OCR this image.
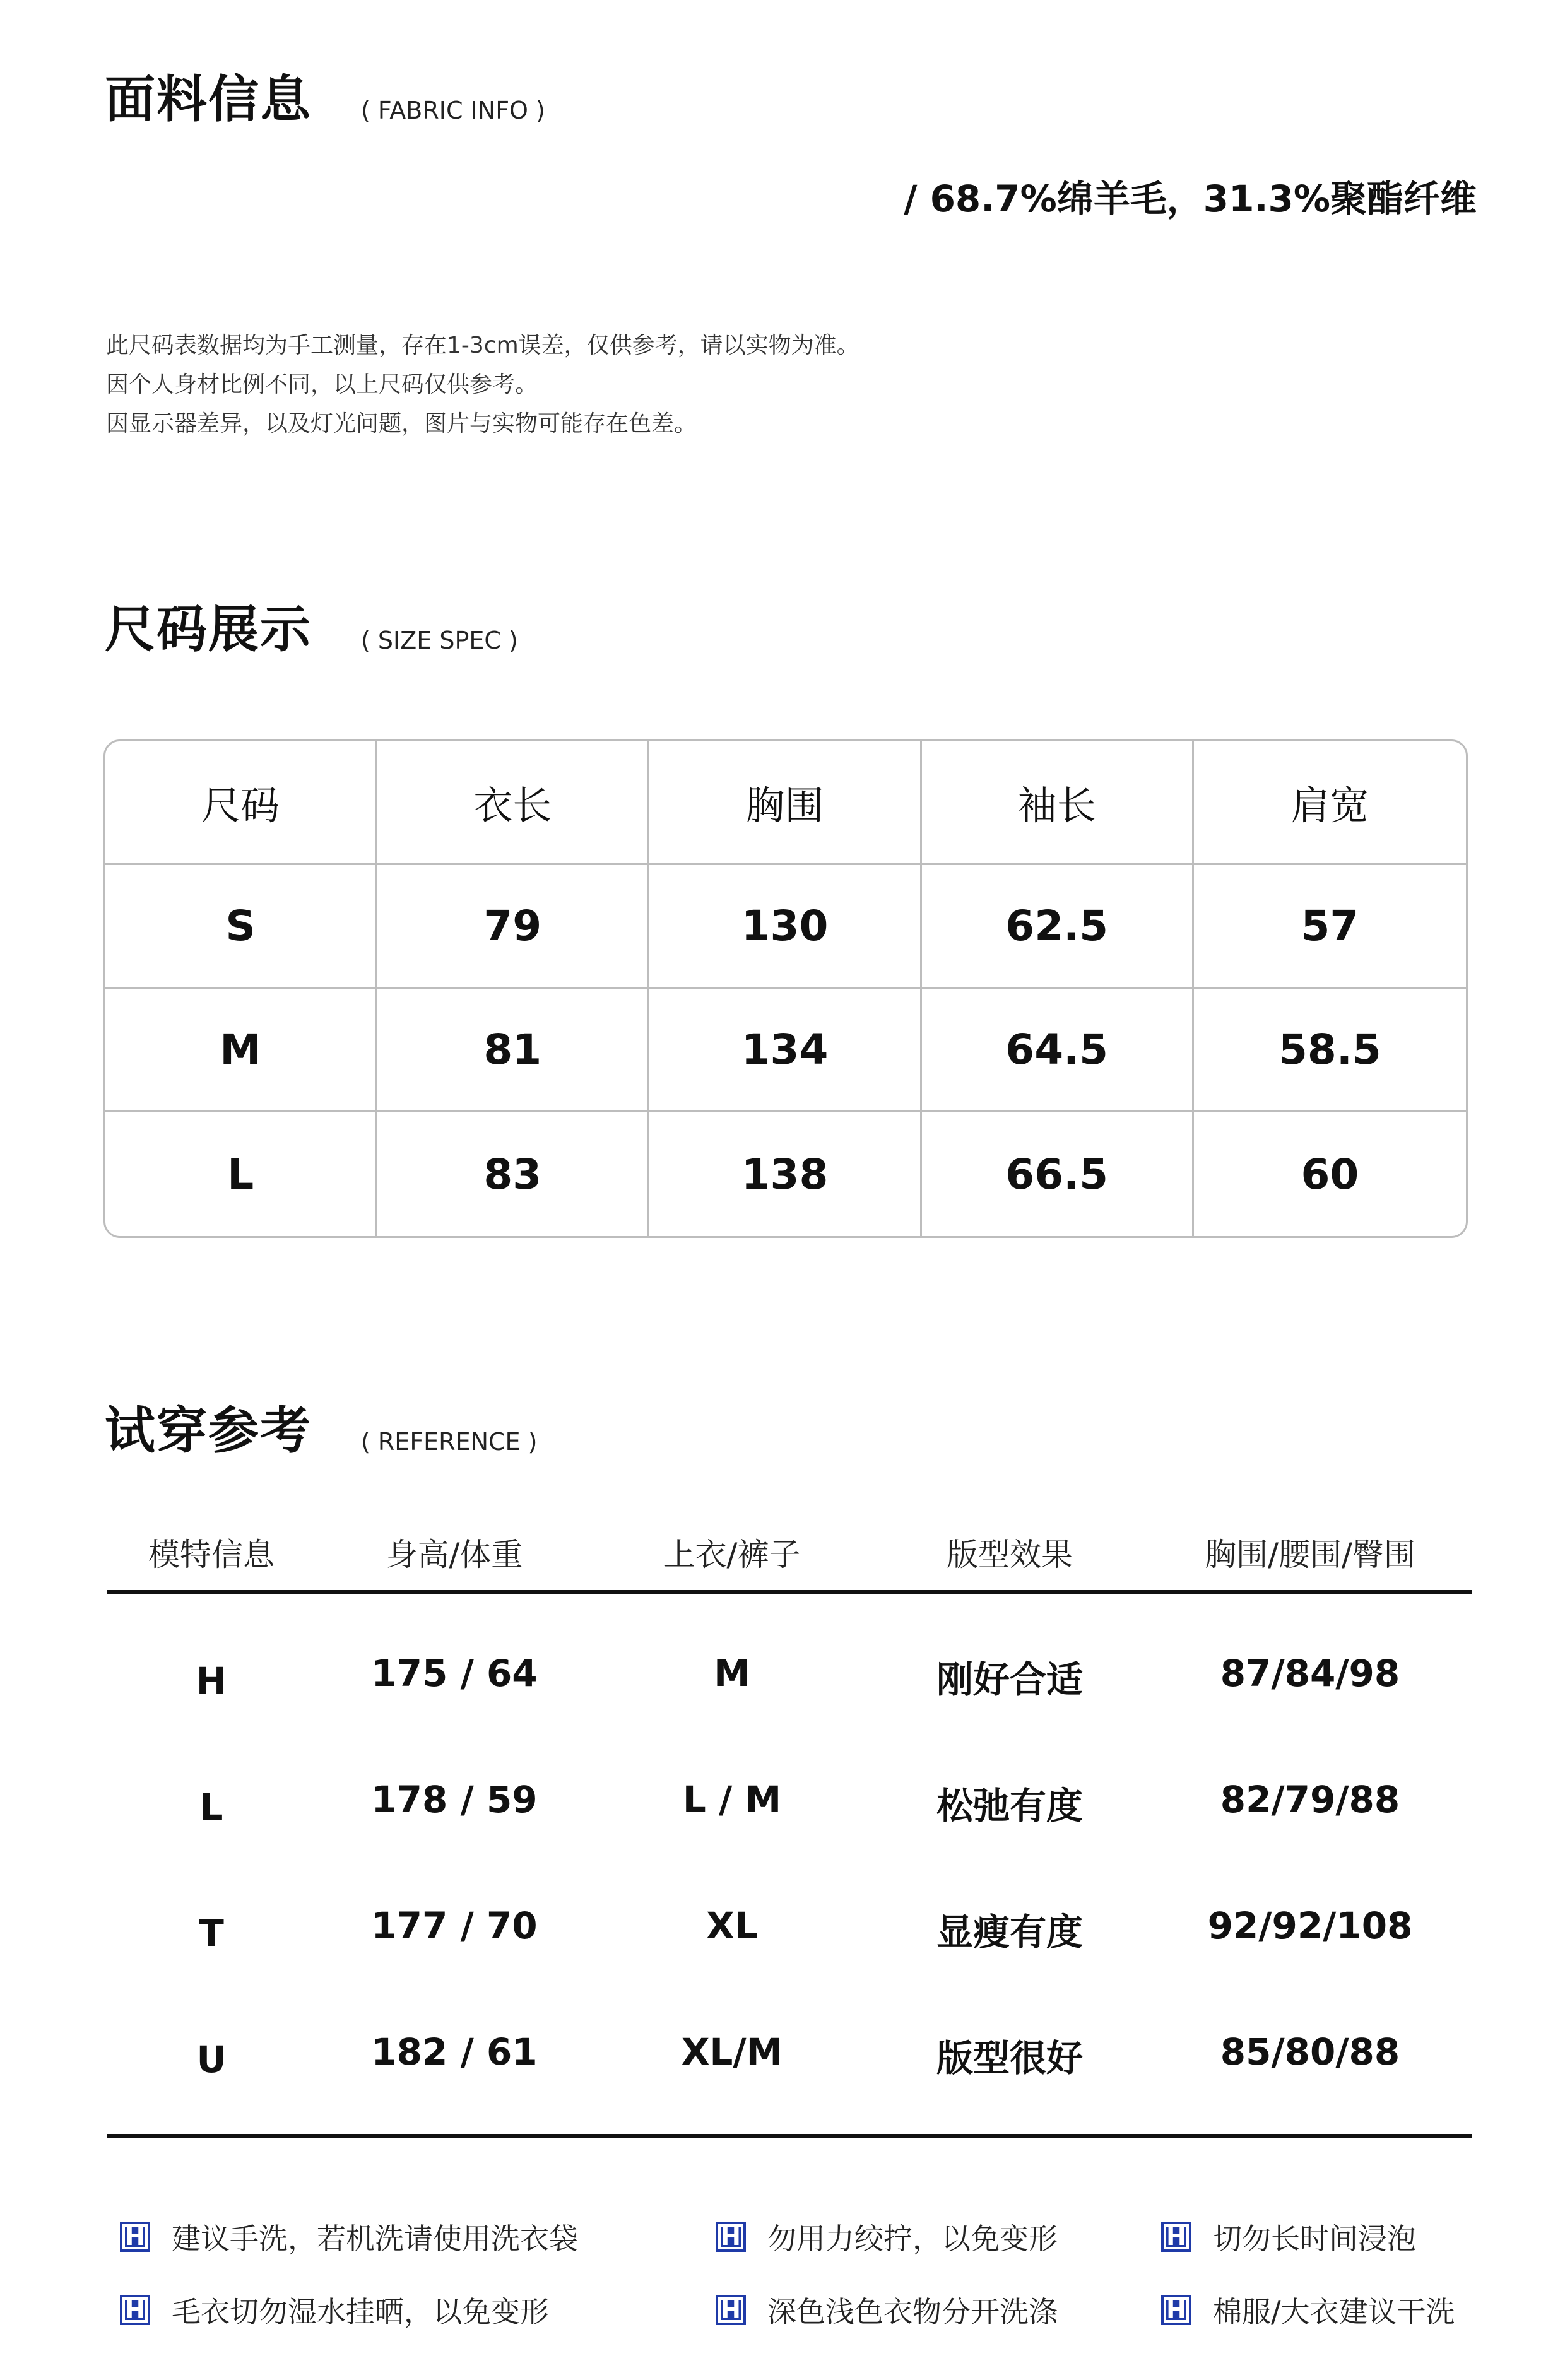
面料信息 ( FABRIC INFO )
/ 68.7%绵羊毛，31.3%聚酯纤维
此尺码表数据均为手工测量，存在1-3cm误差，仅供参考，请以实物为准。
因个人身材比例不同，以上尺码仅供参考。
因显示器差异，以及灯光问题，图片与实物可能存在色差。
尺码展示 ( SIZE SPEC )
尺码	衣长	胸围	袖长	肩宽
S	79	130	62.5	57
M	81	134	64.5	58.5
L	83	138	66.5	60
试穿参考 ( REFERENCE )
模特信息	身高/体重	上衣/裤子	版型效果	胸围/腰围/臀围
H	175 / 64	M	刚好合适	87/84/98
L	178 / 59	L / M	松弛有度	82/79/88
T	177 / 70	XL	显瘦有度	92/92/108
U	182 / 61	XL/M	版型很好	85/80/88
H 建议手洗，若机洗请使用洗衣袋	H 勿用力绞拧，以免变形	H 切勿长时间浸泡
H 毛衣切勿湿水挂晒，以免变形	H 深色浅色衣物分开洗涤	H 棉服/大衣建议干洗
